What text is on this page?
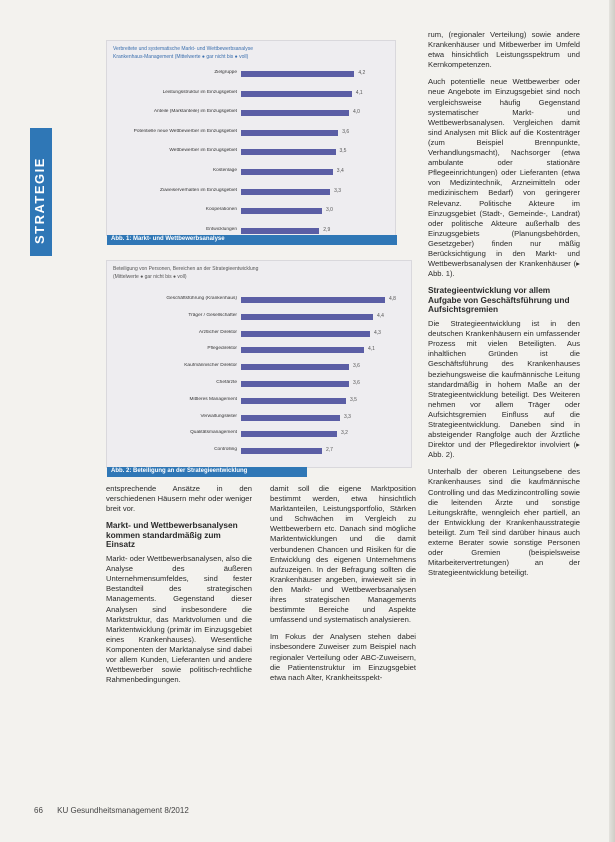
STRATEGIE
Verbreitete und systematische Markt- und Wettbewerbsanalyse
Krankenhaus-Management (Mittelwerte ● gar nicht bis ● voll)
Zielgruppe	4,2
Leistungsstruktur im Einzugsgebiet	4,1
Anteile (Marktanteile) im Einzugsgebiet	4,0
Potentielle neue Wettbewerber im Einzugsgebiet	3,6
Wettbewerber im Einzugsgebiet	3,5
Kostenlage	3,4
Zuweiserverhalten im Einzugsgebiet	3,3
Kooperationen	3,0
Entwicklungen	2,9
Abb. 1: Markt- und Wettbewerbsanalyse
Beteiligung von Personen, Bereichen an der Strategieentwicklung
(Mittelwerte ● gar nicht bis ● voll)
Geschäftsführung (Krankenhaus)	4,8
Träger / Gesellschafter	4,4
Ärztlicher Direktor	4,3
Pflegedirektor	4,1
Kaufmännischer Direktor	3,6
Chefärzte	3,6
Mittleres Management	3,5
Verwaltungsleiter	3,3
Qualitätsmanagement	3,2
Controlling	2,7
Abb. 2: Beteiligung an der Strategieentwicklung

entsprechende Ansätze in den verschiedenen Häusern mehr oder weniger breit vor.

Markt- und Wettbewerbsanalysen kommen standardmäßig zum Einsatz

Markt- oder Wettbewerbsanalysen, also die Analyse des äußeren Unternehmensumfeldes, sind fester Bestandteil des strategischen Managements. Gegenstand dieser Analysen sind insbesondere die Marktstruktur, das Marktvolumen und die Marktentwicklung (primär im Einzugsgebiet eines Krankenhauses). Wesentliche Komponenten der Marktanalyse sind dabei vor allem Kunden, Lieferanten und andere Wettbewerber sowie politisch-rechtliche Rahmenbedingungen.

damit soll die eigene Marktposition bestimmt werden, etwa hinsichtlich Marktanteilen, Leistungsportfolio, Stärken und Schwächen im Vergleich zu Wettbewerbern etc. Danach sind mögliche Marktentwicklungen und die damit verbundenen Chancen und Risiken für die Entwicklung des eigenen Unternehmens aufzuzeigen. In der Befragung sollten die Krankenhäuser angeben, inwieweit sie in den Markt- und Wettbewerbsanalysen ihres strategischen Managements bestimmte Bereiche und Aspekte umfassend und systematisch analysieren.

Im Fokus der Analysen stehen dabei insbesondere Zuweiser zum Beispiel nach regionaler Verteilung oder ABC-Zuweisern, die Patientenstruktur im Einzugsgebiet etwa nach Alter, Krankheitsspekt-

rum, (regionaler Verteilung) sowie andere Krankenhäuser und Mitbewerber im Umfeld etwa hinsichtlich Leistungsspektrum und Kernkompetenzen.

Auch potentielle neue Wettbewerber oder neue Angebote im Einzugsgebiet sind noch vergleichsweise häufig Gegenstand systematischer Markt- und Wettbewerbsanalysen. Vergleichen damit sind Analysen mit Blick auf die Kostenträger (zum Beispiel Brennpunkte, Verhandlungsmacht), Nachsorger (etwa ambulante oder stationäre Pflegeeinrichtungen) oder Lieferanten (etwa von Medizintechnik, Arzneimitteln oder medizinischem Bedarf) von geringerer Relevanz. Politische Akteure im Einzugsgebiet (Stadt-, Gemeinde-, Landrat) oder politische Akteure außerhalb des Einzugsgebiets (Planungsbehörden, Gesetzgeber) finden nur mäßig Berücksichtigung in den Markt- und Wettbewerbsanalysen der Krankenhäuser (▸ Abb. 1).

Strategieentwicklung vor allem Aufgabe von Geschäftsführung und Aufsichtsgremien

Die Strategieentwicklung ist in den deutschen Krankenhäusern ein umfassender Prozess mit vielen Beteiligten. Aus inhaltlichen Gründen ist die Geschäftsführung des Krankenhauses beziehungsweise die kaufmännische Leitung standardmäßig in hohem Maße an der Strategieentwicklung beteiligt. Des Weiteren nehmen vor allem Träger oder Aufsichtsgremien Einfluss auf die Strategieentwicklung. Daneben sind in absteigender Rangfolge auch der Ärztliche Direktor und der Pflegedirektor involviert (▸ Abb. 2).

Unterhalb der oberen Leitungsebene des Krankenhauses sind die kaufmännische Controlling und das Medizincontrolling sowie die leitenden Ärzte und sonstige Leitungskräfte, wenngleich eher partiell, an der Entwicklung der Krankenhausstrategie beteiligt. Zum Teil sind darüber hinaus auch externe Berater sowie sonstige Personen oder Gremien (beispielsweise Mitarbeitervertretungen) an der Strategieentwicklung beteiligt.

66 KU Gesundheitsmanagement 8/2012
